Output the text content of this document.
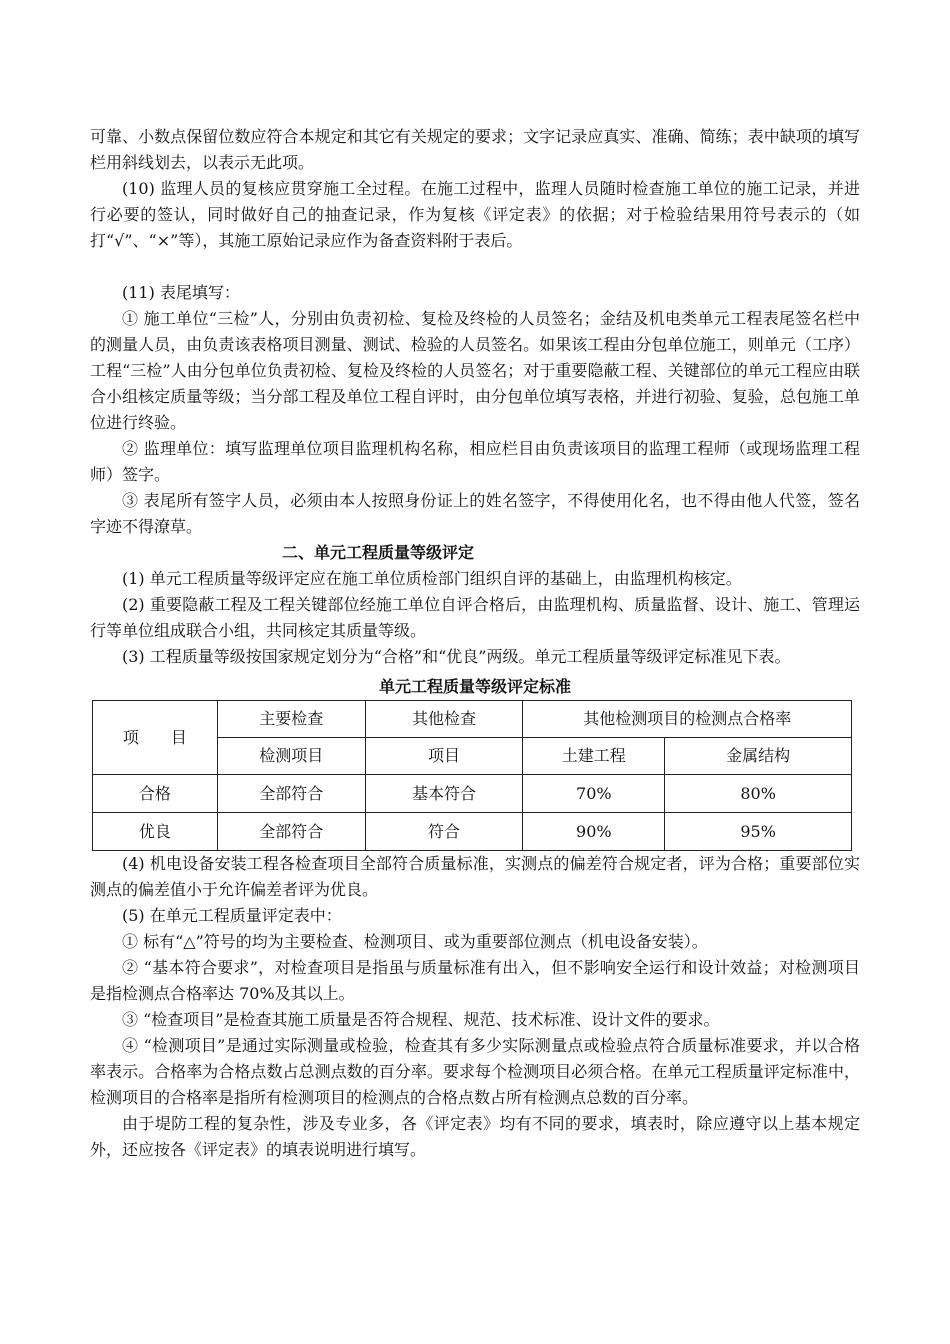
可靠、小数点保留位数应符合本规定和其它有关规定的要求；文字记录应真实、准确、简练；表中缺项的填写栏用斜线划去，以表示无此项。

(10) 监理人员的复核应贯穿施工全过程。在施工过程中，监理人员随时检查施工单位的施工记录，并进行必要的签认，同时做好自己的抽查记录，作为复核《评定表》的依据；对于检验结果用符号表示的（如打“√”、“×”等），其施工原始记录应作为备查资料附于表后。

(11) 表尾填写：

① 施工单位“三检”人，分别由负责初检、复检及终检的人员签名；金结及机电类单元工程表尾签名栏中的测量人员，由负责该表格项目测量、测试、检验的人员签名。如果该工程由分包单位施工，则单元（工序）工程“三检”人由分包单位负责初检、复检及终检的人员签名；对于重要隐蔽工程、关键部位的单元工程应由联合小组核定质量等级；当分部工程及单位工程自评时，由分包单位填写表格，并进行初验、复验，总包施工单位进行终验。

② 监理单位：填写监理单位项目监理机构名称，相应栏目由负责该项目的监理工程师（或现场监理工程师）签字。

③ 表尾所有签字人员，必须由本人按照身份证上的姓名签字，不得使用化名，也不得由他人代签，签名字迹不得潦草。

二、单元工程质量等级评定

(1) 单元工程质量等级评定应在施工单位质检部门组织自评的基础上，由监理机构核定。

(2) 重要隐蔽工程及工程关键部位经施工单位自评合格后，由监理机构、质量监督、设计、施工、管理运行等单位组成联合小组，共同核定其质量等级。

(3) 工程质量等级按国家规定划分为“合格”和“优良”两级。单元工程质量等级评定标准见下表。

单元工程质量等级评定标准
项　　目	主要检查	其他检查	其他检测项目的检测点合格率	
	检测项目	项目	土建工程	金属结构
合格	全部符合	基本符合	70%	80%
优良	全部符合	符合	90%	95%

(4) 机电设备安装工程各检查项目全部符合质量标准，实测点的偏差符合规定者，评为合格；重要部位实测点的偏差值小于允许偏差者评为优良。

(5) 在单元工程质量评定表中：

① 标有“△”符号的均为主要检查、检测项目、或为重要部位测点（机电设备安装）。

② “基本符合要求”，对检查项目是指虽与质量标准有出入，但不影响安全运行和设计效益；对检测项目是指检测点合格率达 70%及其以上。

③ “检查项目”是检查其施工质量是否符合规程、规范、技术标准、设计文件的要求。

④ “检测项目”是通过实际测量或检验，检查其有多少实际测量点或检验点符合质量标准要求，并以合格率表示。合格率为合格点数占总测点数的百分率。要求每个检测项目必须合格。在单元工程质量评定标准中，检测项目的合格率是指所有检测项目的检测点的合格点数占所有检测点总数的百分率。

由于堤防工程的复杂性，涉及专业多，各《评定表》均有不同的要求，填表时，除应遵守以上基本规定外，还应按各《评定表》的填表说明进行填写。
